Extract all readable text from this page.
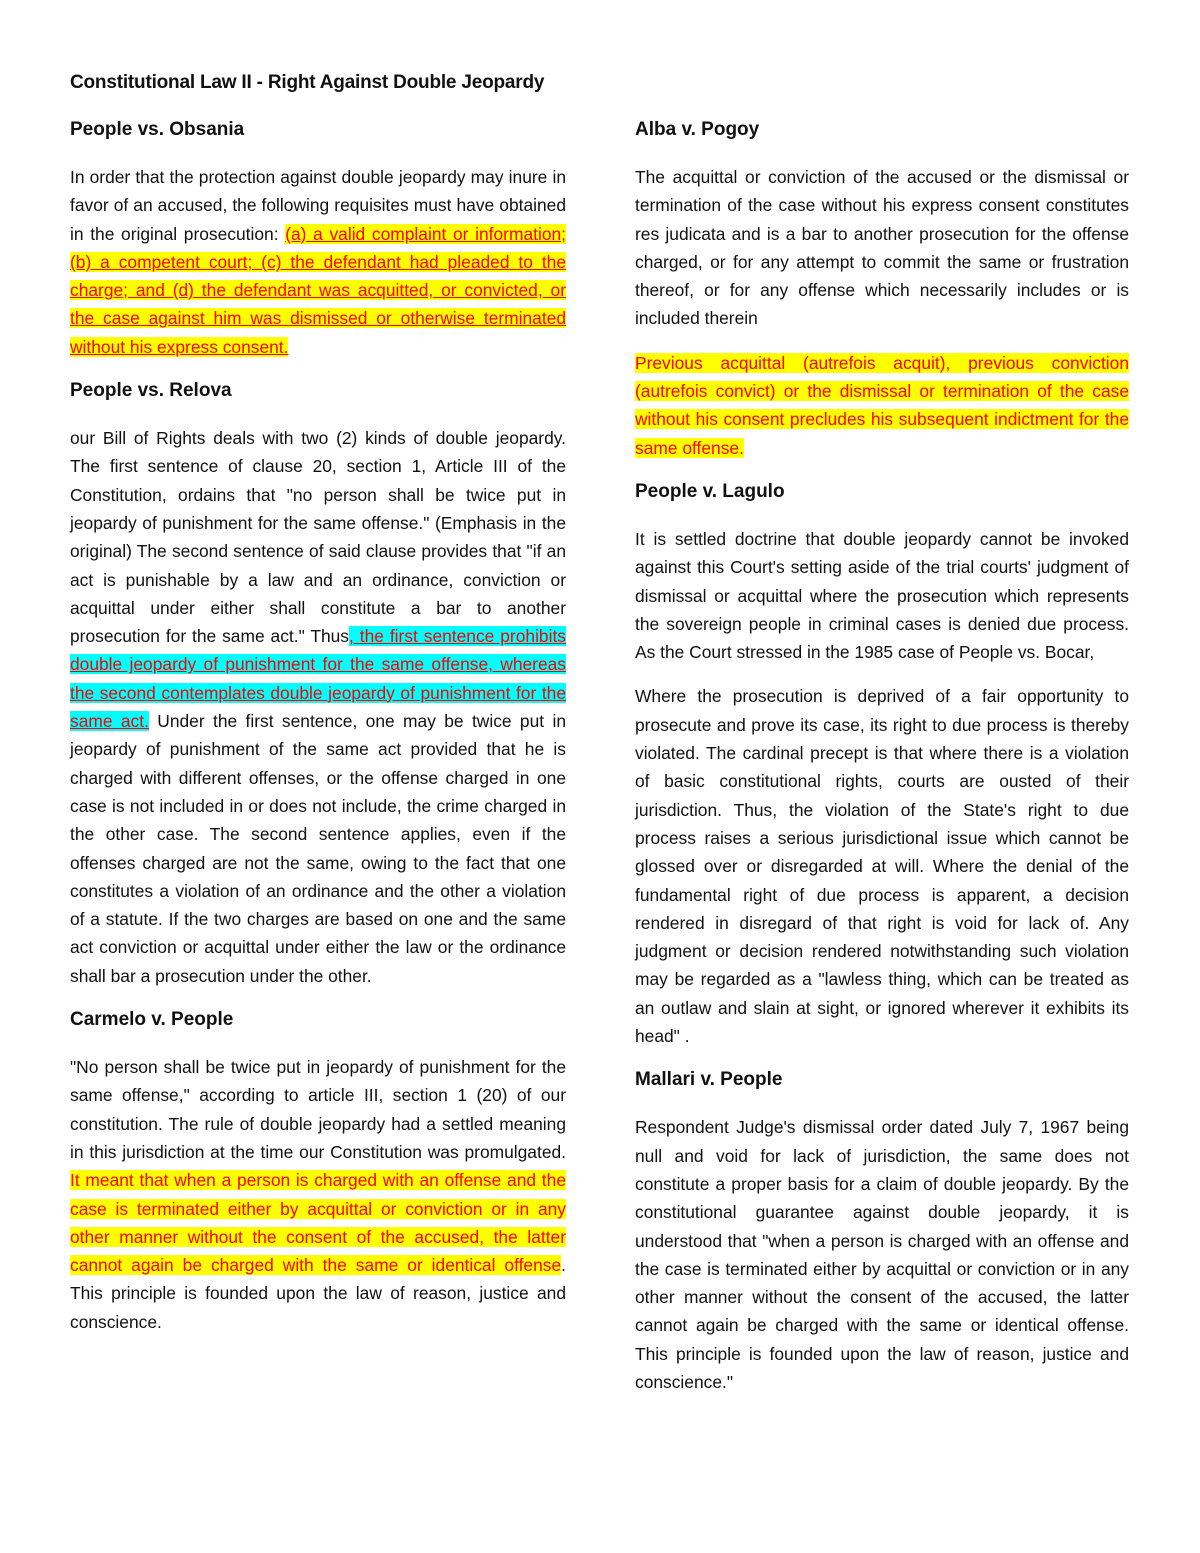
Constitutional Law II - Right Against Double Jeopardy
People vs. Obsania

In order that the protection against double jeopardy may inure in favor of an accused, the following requisites must have obtained in the original prosecution: (a) a valid complaint or information; (b) a competent court; (c) the defendant had pleaded to the charge; and (d) the defendant was acquitted, or convicted, or the case against him was dismissed or otherwise terminated without his express consent.

People vs. Relova

our Bill of Rights deals with two (2) kinds of double jeopardy. The first sentence of clause 20, section 1, Article III of the Constitution, ordains that "no person shall be twice put in jeopardy of punishment for the same offense." (Emphasis in the original) The second sentence of said clause provides that "if an act is punishable by a law and an ordinance, conviction or acquittal under either shall constitute a bar to another prosecution for the same act." Thus, the first sentence prohibits double jeopardy of punishment for the same offense, whereas the second contemplates double jeopardy of punishment for the same act. Under the first sentence, one may be twice put in jeopardy of punishment of the same act provided that he is charged with different offenses, or the offense charged in one case is not included in or does not include, the crime charged in the other case. The second sentence applies, even if the offenses charged are not the same, owing to the fact that one constitutes a violation of an ordinance and the other a violation of a statute. If the two charges are based on one and the same act conviction or acquittal under either the law or the ordinance shall bar a prosecution under the other.

Carmelo v. People

"No person shall be twice put in jeopardy of punishment for the same offense," according to article III, section 1 (20) of our constitution. The rule of double jeopardy had a settled meaning in this jurisdiction at the time our Constitution was promulgated. It meant that when a person is charged with an offense and the case is terminated either by acquittal or conviction or in any other manner without the consent of the accused, the latter cannot again be charged with the same or identical offense. This principle is founded upon the law of reason, justice and conscience.

Alba v. Pogoy

The acquittal or conviction of the accused or the dismissal or termination of the case without his express consent constitutes res judicata and is a bar to another prosecution for the offense charged, or for any attempt to commit the same or frustration thereof, or for any offense which necessarily includes or is included therein

Previous acquittal (autrefois acquit), previous conviction (autrefois convict) or the dismissal or termination of the case without his consent precludes his subsequent indictment for the same offense.

People v. Lagulo

It is settled doctrine that double jeopardy cannot be invoked against this Court's setting aside of the trial courts' judgment of dismissal or acquittal where the prosecution which represents the sovereign people in criminal cases is denied due process. As the Court stressed in the 1985 case of People vs. Bocar,

Where the prosecution is deprived of a fair opportunity to prosecute and prove its case, its right to due process is thereby violated. The cardinal precept is that where there is a violation of basic constitutional rights, courts are ousted of their jurisdiction. Thus, the violation of the State's right to due process raises a serious jurisdictional issue which cannot be glossed over or disregarded at will. Where the denial of the fundamental right of due process is apparent, a decision rendered in disregard of that right is void for lack of. Any judgment or decision rendered notwithstanding such violation may be regarded as a "lawless thing, which can be treated as an outlaw and slain at sight, or ignored wherever it exhibits its head" .

Mallari v. People

Respondent Judge's dismissal order dated July 7, 1967 being null and void for lack of jurisdiction, the same does not constitute a proper basis for a claim of double jeopardy. By the constitutional guarantee against double jeopardy, it is understood that "when a person is charged with an offense and the case is terminated either by acquittal or conviction or in any other manner without the consent of the accused, the latter cannot again be charged with the same or identical offense. This principle is founded upon the law of reason, justice and conscience."
